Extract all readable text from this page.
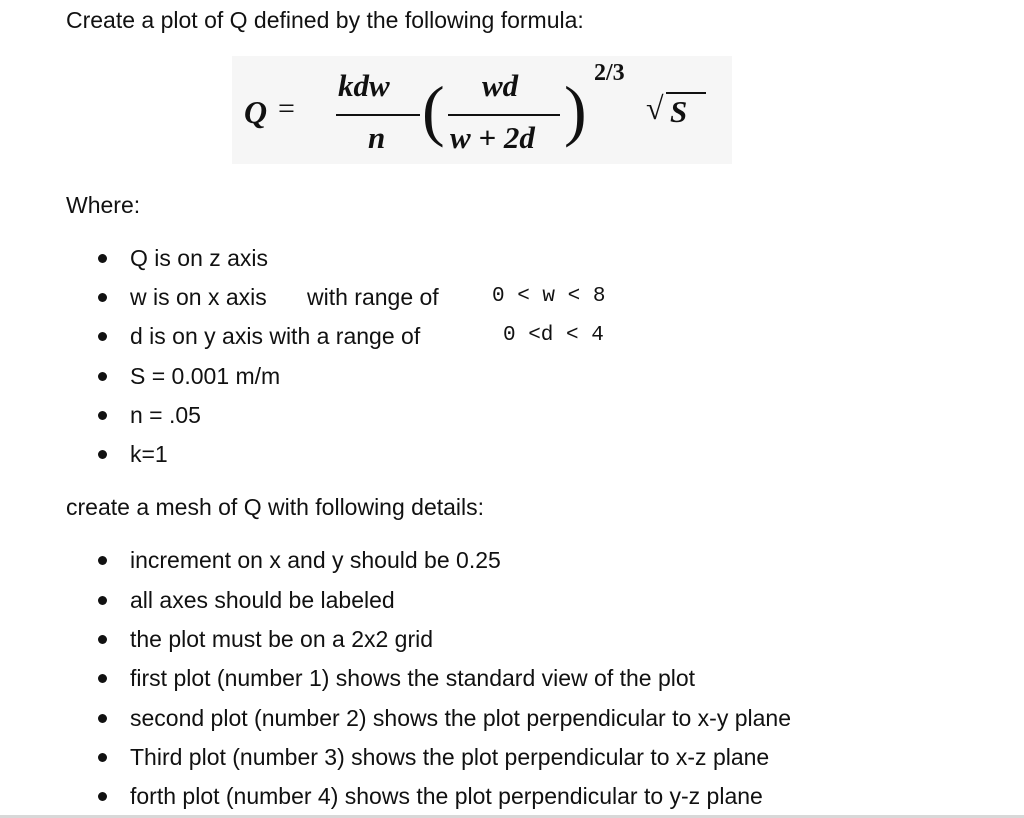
Create a plot of Q defined by the following formula:
Q =
kdw
n ( wd
w + 2d ) 2/3
√ S
Where:
Q is on z axis
w is on x axis with range of	0 < w < 8
d is on y axis with a range of	0 <d < 4
S = 0.001 m/m
n = .05
k=1
create a mesh of Q with following details:
increment on x and y should be 0.25
all axes should be labeled
the plot must be on a 2x2 grid
first plot (number 1) shows the standard view of the plot
second plot (number 2) shows the plot perpendicular to x-y plane
Third plot (number 3) shows the plot perpendicular to x-z plane
forth plot (number 4) shows the plot perpendicular to y-z plane
